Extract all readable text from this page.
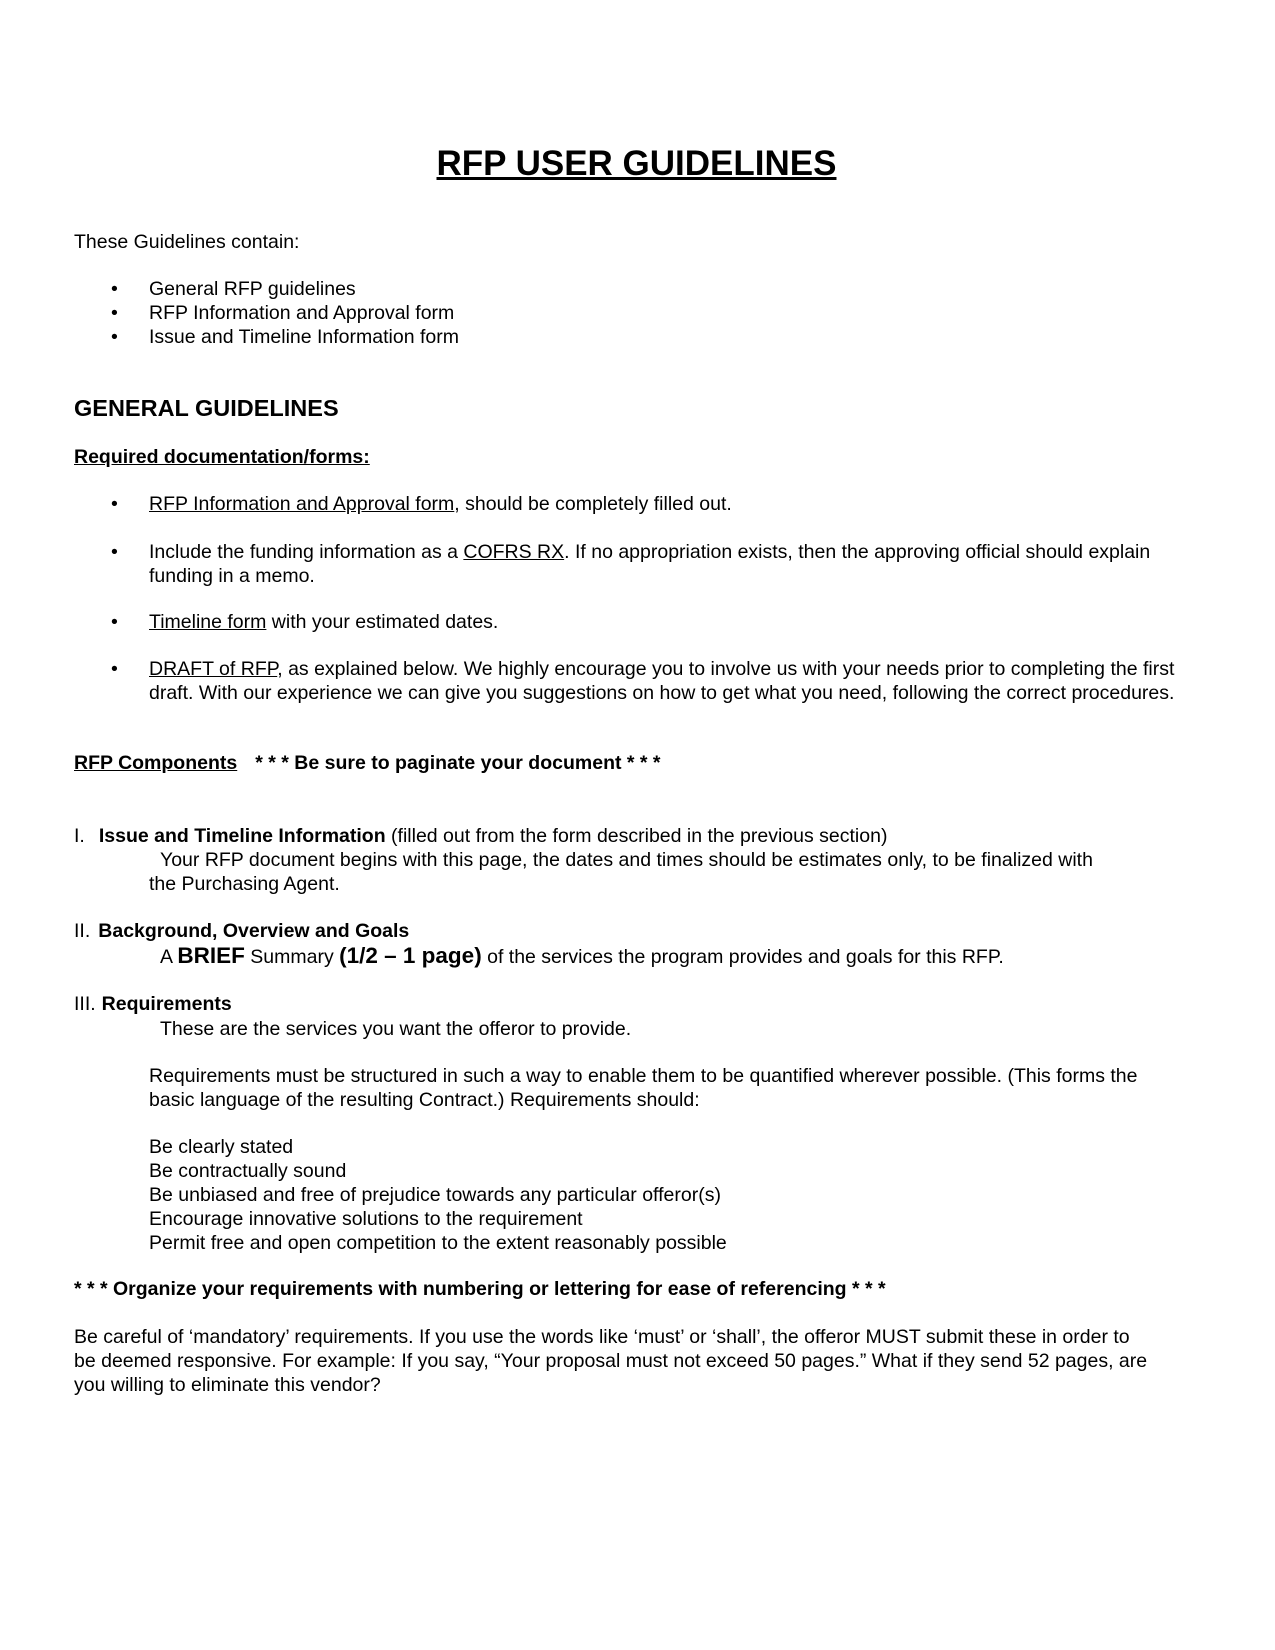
RFP USER GUIDELINES
These Guidelines contain:
• General RFP guidelines
• RFP Information and Approval form
• Issue and Timeline Information form
GENERAL GUIDELINES
Required documentation/forms:
• RFP Information and Approval form, should be completely filled out.
• Include the funding information as a COFRS RX. If no appropriation exists, then the approving official should explain funding in a memo.
• Timeline form with your estimated dates.
• DRAFT of RFP, as explained below. We highly encourage you to involve us with your needs prior to completing the first draft. With our experience we can give you suggestions on how to get what you need, following the correct procedures.
RFP Components * * * Be sure to paginate your document * * *
I. Issue and Timeline Information (filled out from the form described in the previous section)
Your RFP document begins with this page, the dates and times should be estimates only, to be finalized with
the Purchasing Agent.
II. Background, Overview and Goals
A BRIEF Summary (1/2 – 1 page) of the services the program provides and goals for this RFP.
III. Requirements
These are the services you want the offeror to provide.
Requirements must be structured in such a way to enable them to be quantified wherever possible. (This forms the basic language of the resulting Contract.) Requirements should:
Be clearly stated
Be contractually sound
Be unbiased and free of prejudice towards any particular offeror(s)
Encourage innovative solutions to the requirement
Permit free and open competition to the extent reasonably possible
* * * Organize your requirements with numbering or lettering for ease of referencing * * *
Be careful of ‘mandatory’ requirements. If you use the words like ‘must’ or ‘shall’, the offeror MUST submit these in order to be deemed responsive. For example: If you say, “Your proposal must not exceed 50 pages.” What if they send 52 pages, are you willing to eliminate this vendor?
